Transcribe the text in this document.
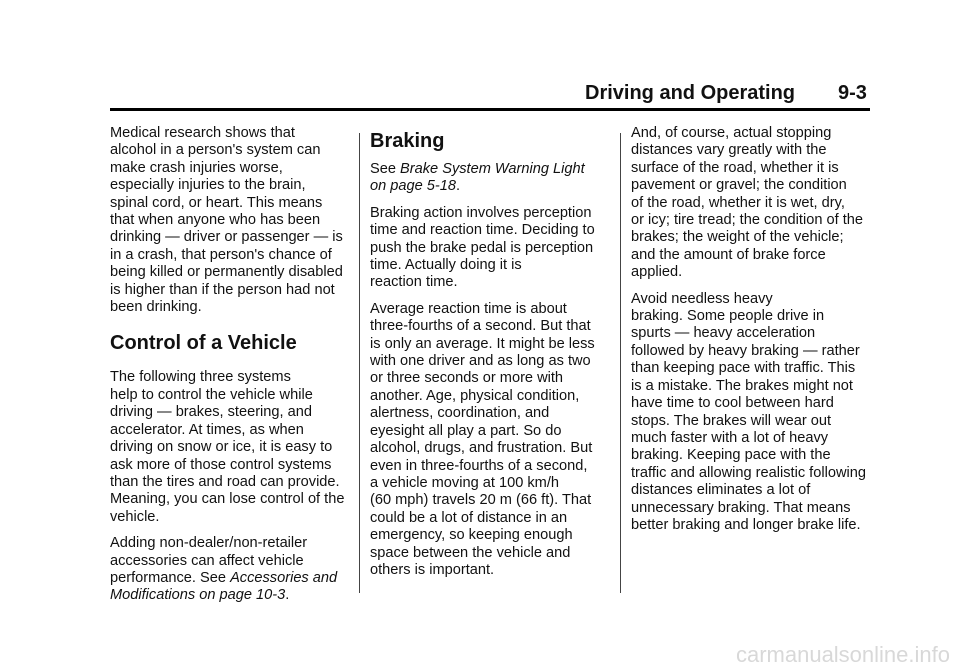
Driving and Operating 9-3

Medical research shows that
alcohol in a person's system can
make crash injuries worse,
especially injuries to the brain,
spinal cord, or heart. This means
that when anyone who has been
drinking — driver or passenger — is
in a crash, that person's chance of
being killed or permanently disabled
is higher than if the person had not
been drinking.

Control of a Vehicle

The following three systems
help to control the vehicle while
driving — brakes, steering, and
accelerator. At times, as when
driving on snow or ice, it is easy to
ask more of those control systems
than the tires and road can provide.
Meaning, you can lose control of the
vehicle.

Adding non-dealer/non-retailer
accessories can affect vehicle
performance. See Accessories and
Modifications on page 10-3.

Braking

See Brake System Warning Light
on page 5-18.

Braking action involves perception
time and reaction time. Deciding to
push the brake pedal is perception
time. Actually doing it is
reaction time.

Average reaction time is about
three-fourths of a second. But that
is only an average. It might be less
with one driver and as long as two
or three seconds or more with
another. Age, physical condition,
alertness, coordination, and
eyesight all play a part. So do
alcohol, drugs, and frustration. But
even in three-fourths of a second,
a vehicle moving at 100 km/h
(60 mph) travels 20 m (66 ft). That
could be a lot of distance in an
emergency, so keeping enough
space between the vehicle and
others is important.

And, of course, actual stopping
distances vary greatly with the
surface of the road, whether it is
pavement or gravel; the condition
of the road, whether it is wet, dry,
or icy; tire tread; the condition of the
brakes; the weight of the vehicle;
and the amount of brake force
applied.

Avoid needless heavy
braking. Some people drive in
spurts — heavy acceleration
followed by heavy braking — rather
than keeping pace with traffic. This
is a mistake. The brakes might not
have time to cool between hard
stops. The brakes will wear out
much faster with a lot of heavy
braking. Keeping pace with the
traffic and allowing realistic following
distances eliminates a lot of
unnecessary braking. That means
better braking and longer brake life.

carmanualsonline.info
